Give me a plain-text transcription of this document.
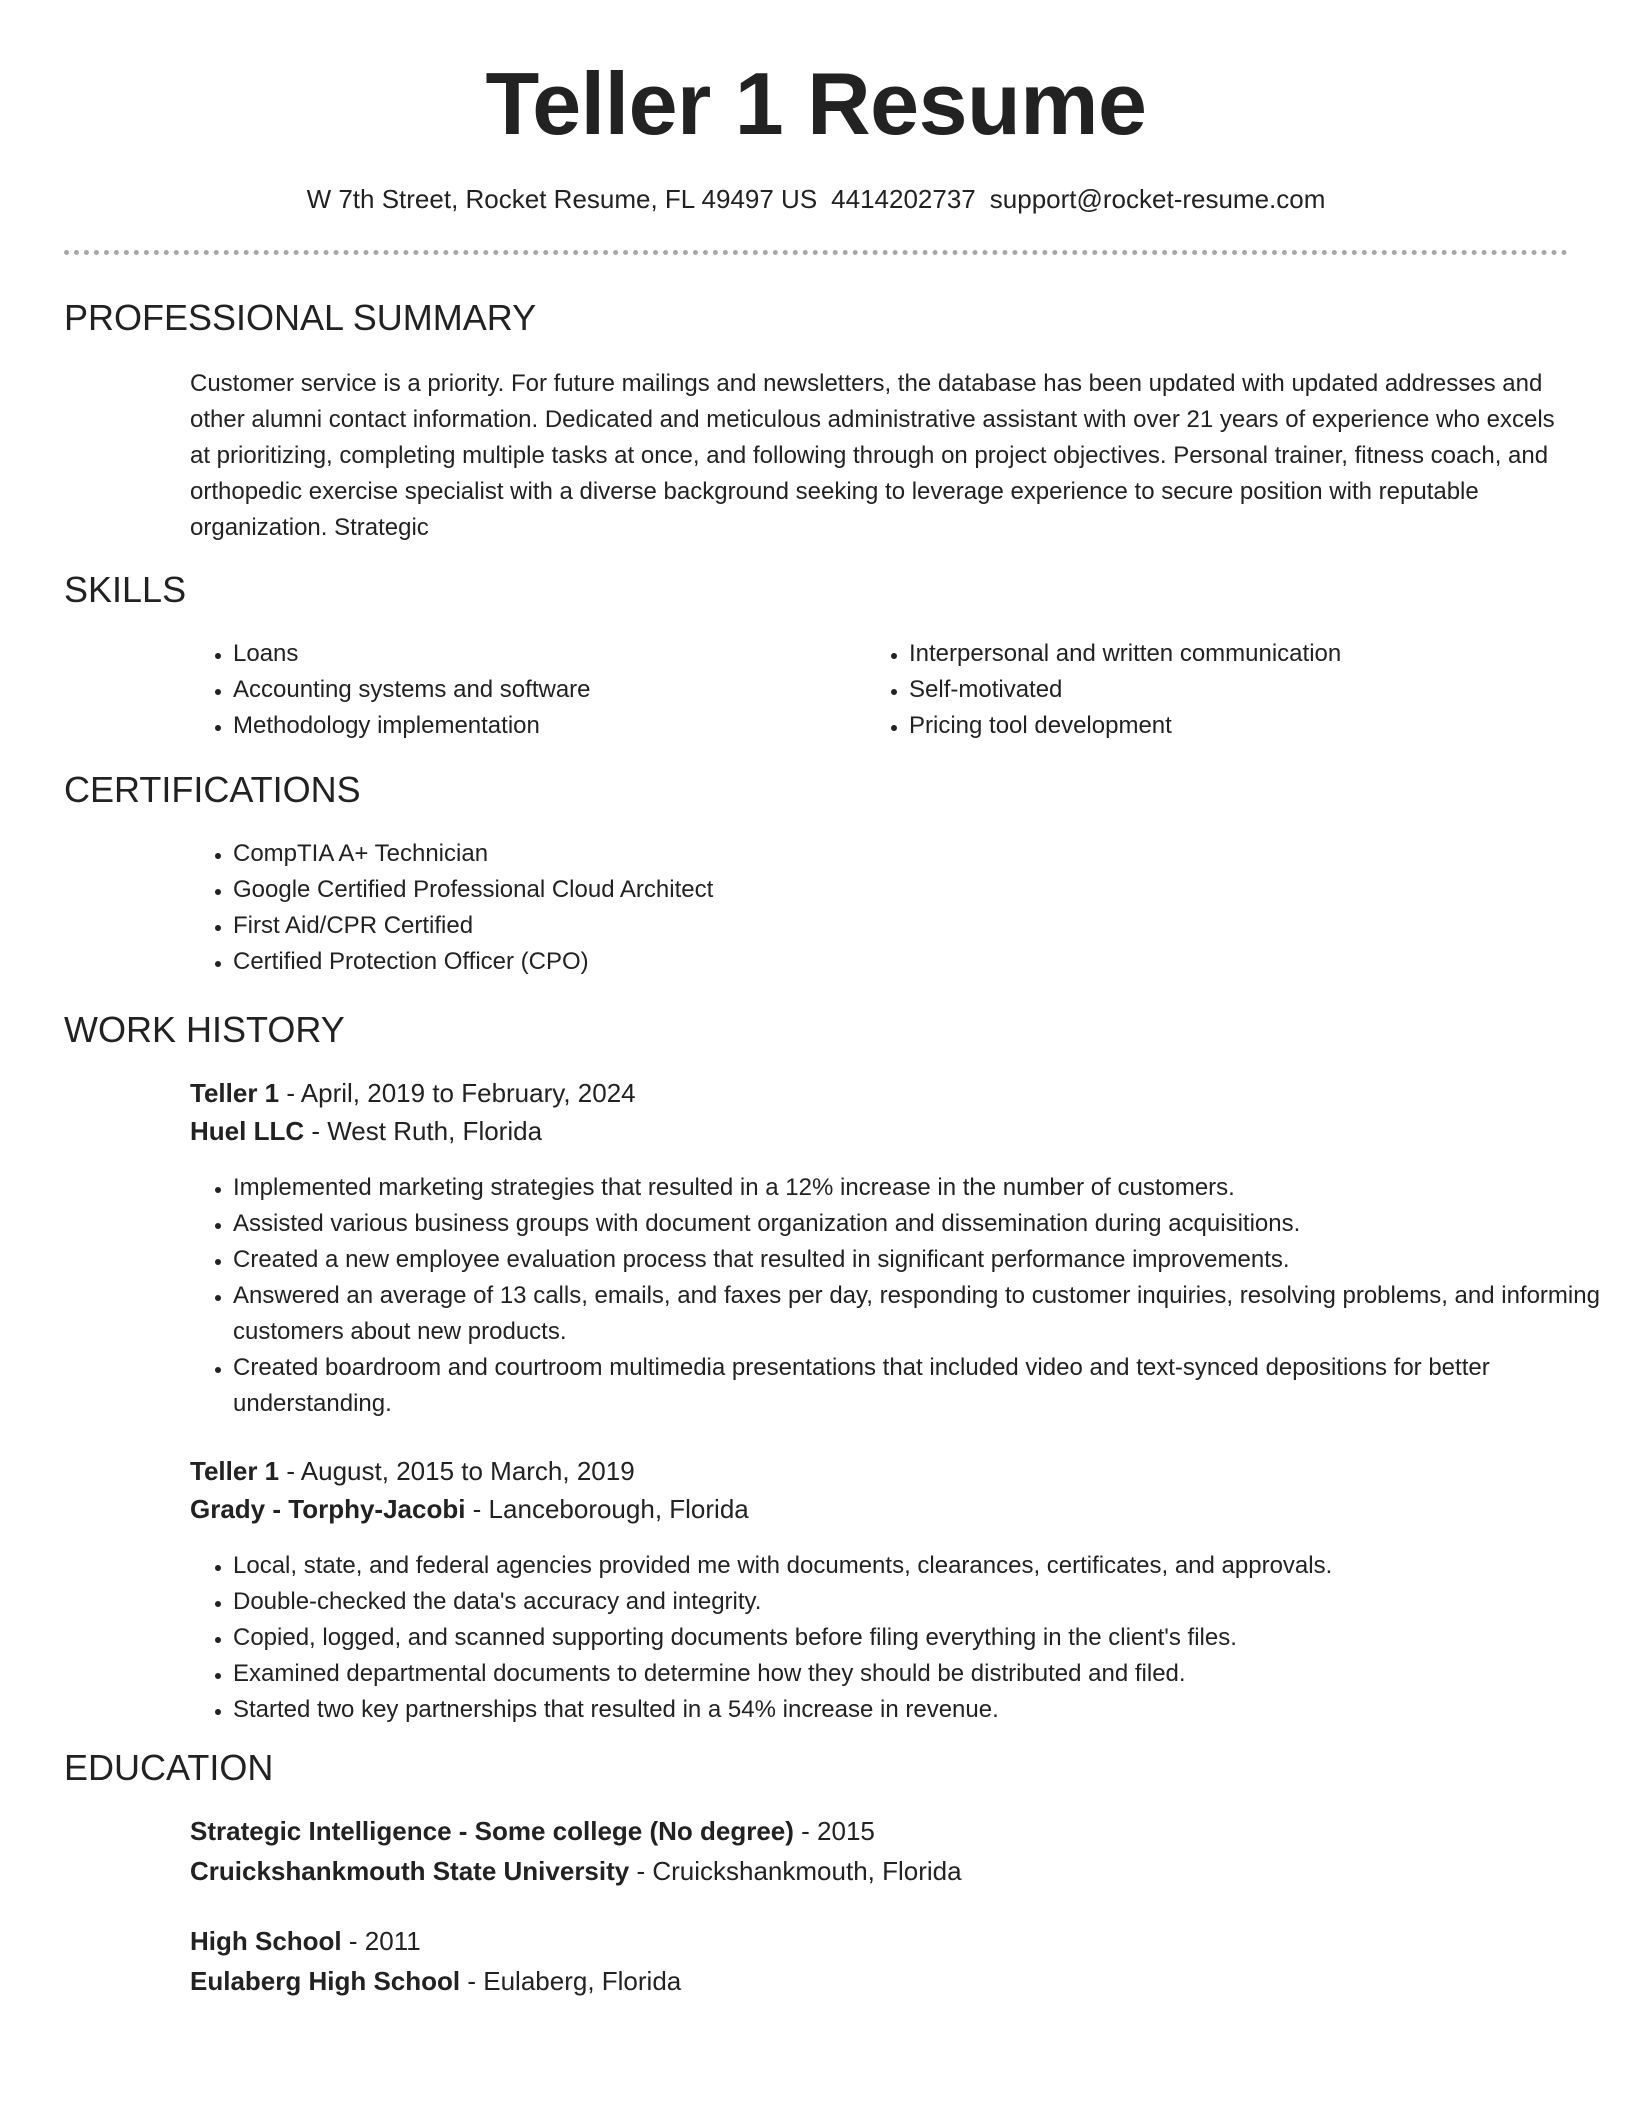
Teller 1 Resume
W 7th Street, Rocket Resume, FL 49497 US 4414202737 support@rocket-resume.com
PROFESSIONAL SUMMARY

Customer service is a priority. For future mailings and newsletters, the database has been updated with updated addresses and other alumni contact information. Dedicated and meticulous administrative assistant with over 21 years of experience who excels at prioritizing, completing multiple tasks at once, and following through on project objectives. Personal trainer, fitness coach, and orthopedic exercise specialist with a diverse background seeking to leverage experience to secure position with reputable organization. Strategic

SKILLS
• Loans
• Accounting systems and software
• Methodology implementation
• Interpersonal and written communication
• Self-motivated
• Pricing tool development
CERTIFICATIONS
• CompTIA A+ Technician
• Google Certified Professional Cloud Architect
• First Aid/CPR Certified
• Certified Protection Officer (CPO)
WORK HISTORY
Teller 1 - April, 2019 to February, 2024
Huel LLC - West Ruth, Florida
• Implemented marketing strategies that resulted in a 12% increase in the number of customers.
• Assisted various business groups with document organization and dissemination during acquisitions.
• Created a new employee evaluation process that resulted in significant performance improvements.
• Answered an average of 13 calls, emails, and faxes per day, responding to customer inquiries, resolving problems, and informing customers about new products.
• Created boardroom and courtroom multimedia presentations that included video and text-synced depositions for better understanding.
Teller 1 - August, 2015 to March, 2019
Grady - Torphy-Jacobi - Lanceborough, Florida
• Local, state, and federal agencies provided me with documents, clearances, certificates, and approvals.
• Double-checked the data's accuracy and integrity.
• Copied, logged, and scanned supporting documents before filing everything in the client's files.
• Examined departmental documents to determine how they should be distributed and filed.
• Started two key partnerships that resulted in a 54% increase in revenue.
EDUCATION
Strategic Intelligence - Some college (No degree) - 2015
Cruickshankmouth State University - Cruickshankmouth, Florida
High School - 2011
Eulaberg High School - Eulaberg, Florida
